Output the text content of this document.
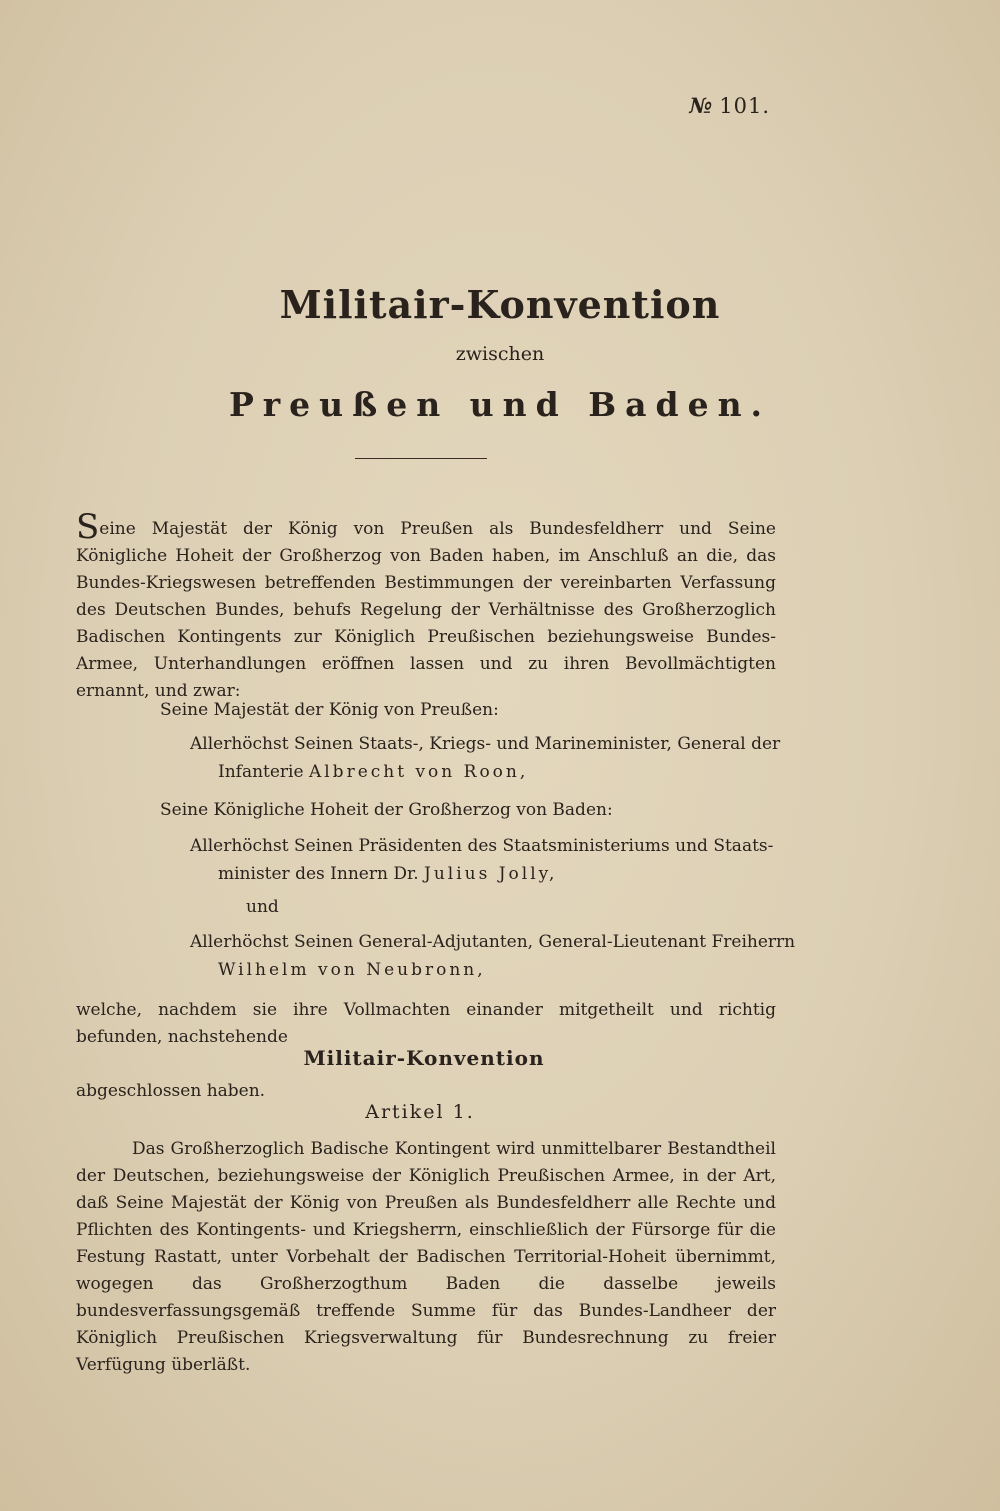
№ 101.
Militair-Konvention
zwischen
Preußen und Baden.
Seine Majestät der König von Preußen als Bundesfeldherr und Seine Königliche Hoheit der Großherzog von Baden haben, im Anschluß an die, das Bundes-Kriegswesen betreffenden Bestimmungen der vereinbarten Verfassung des Deutschen Bundes, behufs Regelung der Verhältnisse des Großherzoglich Badischen Kontingents zur Königlich Preußischen beziehungsweise Bundes-Armee, Unterhandlungen eröffnen lassen und zu ihren Bevollmächtigten ernannt, und zwar:
Seine Majestät der König von Preußen:
Allerhöchst Seinen Staats-, Kriegs- und Marineminister, General der
Infanterie Albrecht von Roon,
Seine Königliche Hoheit der Großherzog von Baden:
Allerhöchst Seinen Präsidenten des Staatsministeriums und Staats-
minister des Innern Dr. Julius Jolly,
und
Allerhöchst Seinen General-Adjutanten, General-Lieutenant Freiherrn
Wilhelm von Neubronn,
welche, nachdem sie ihre Vollmachten einander mitgetheilt und richtig befunden, nachstehende
Militair-Konvention
abgeschlossen haben.
Artikel 1.
Das Großherzoglich Badische Kontingent wird unmittelbarer Bestandtheil der Deutschen, beziehungsweise der Königlich Preußischen Armee, in der Art, daß Seine Majestät der König von Preußen als Bundesfeldherr alle Rechte und Pflichten des Kontingents- und Kriegsherrn, einschließlich der Fürsorge für die Festung Rastatt, unter Vorbehalt der Badischen Territorial-Hoheit übernimmt, wogegen das Großherzogthum Baden die dasselbe jeweils bundesverfassungsgemäß treffende Summe für das Bundes-Landheer der Königlich Preußischen Kriegsverwaltung für Bundesrechnung zu freier Verfügung überläßt.
